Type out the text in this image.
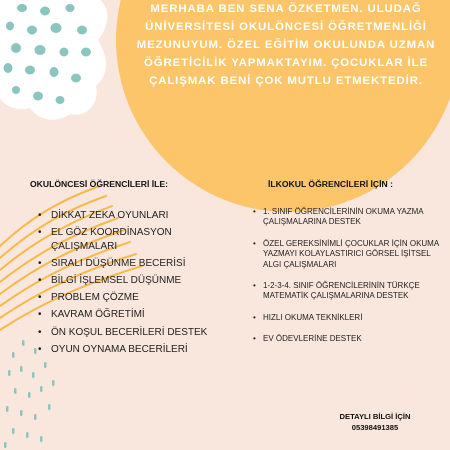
MERHABA BEN SENA ÖZKETMEN. ULUDAĞ
ÜNİVERSİTESİ OKULÖNCESİ ÖĞRETMENLİĞİ
MEZUNUYUM. ÖZEL EĞİTİM OKULUNDA UZMAN
ÖĞRETİCİLİK YAPMAKTAYIM. ÇOCUKLAR İLE
ÇALIŞMAK BENİ ÇOK MUTLU ETMEKTEDİR.

OKULÖNCESİ ÖĞRENCİLERİ İLE:
• DİKKAT ZEKA OYUNLARI
• EL GÖZ KOORDİNASYON ÇALIŞMALARI
• SIRALI DÜŞÜNME BECERİSİ
• BİLGİ İŞLEMSEL DÜŞÜNME
• PROBLEM ÇÖZME
• KAVRAM ÖĞRETİMİ
• ÖN KOŞUL BECERİLERİ DESTEK
• OYUN OYNAMA BECERİLERİ
İLKOKUL ÖĞRENCİLERİ İÇİN :
• 1. SINIF ÖĞRENCİLERİNİN OKUMA YAZMA ÇALIŞMALARINA DESTEK
• ÖZEL GEREKSİNİMLİ ÇOCUKLAR İÇİN OKUMA YAZMAYI KOLAYLASTIRICI GÖRSEL İŞİTSEL ALGI ÇALIŞMALARI
• 1-2-3-4. SINIF ÖĞRENCİLERİNİN TÜRKÇE MATEMATİK ÇALIŞMALARINA DESTEK
• HIZLI OKUMA TEKNİKLERİ
• EV ÖDEVLERİNE DESTEK
DETAYLI BİLGİ İÇİN
05398491385
